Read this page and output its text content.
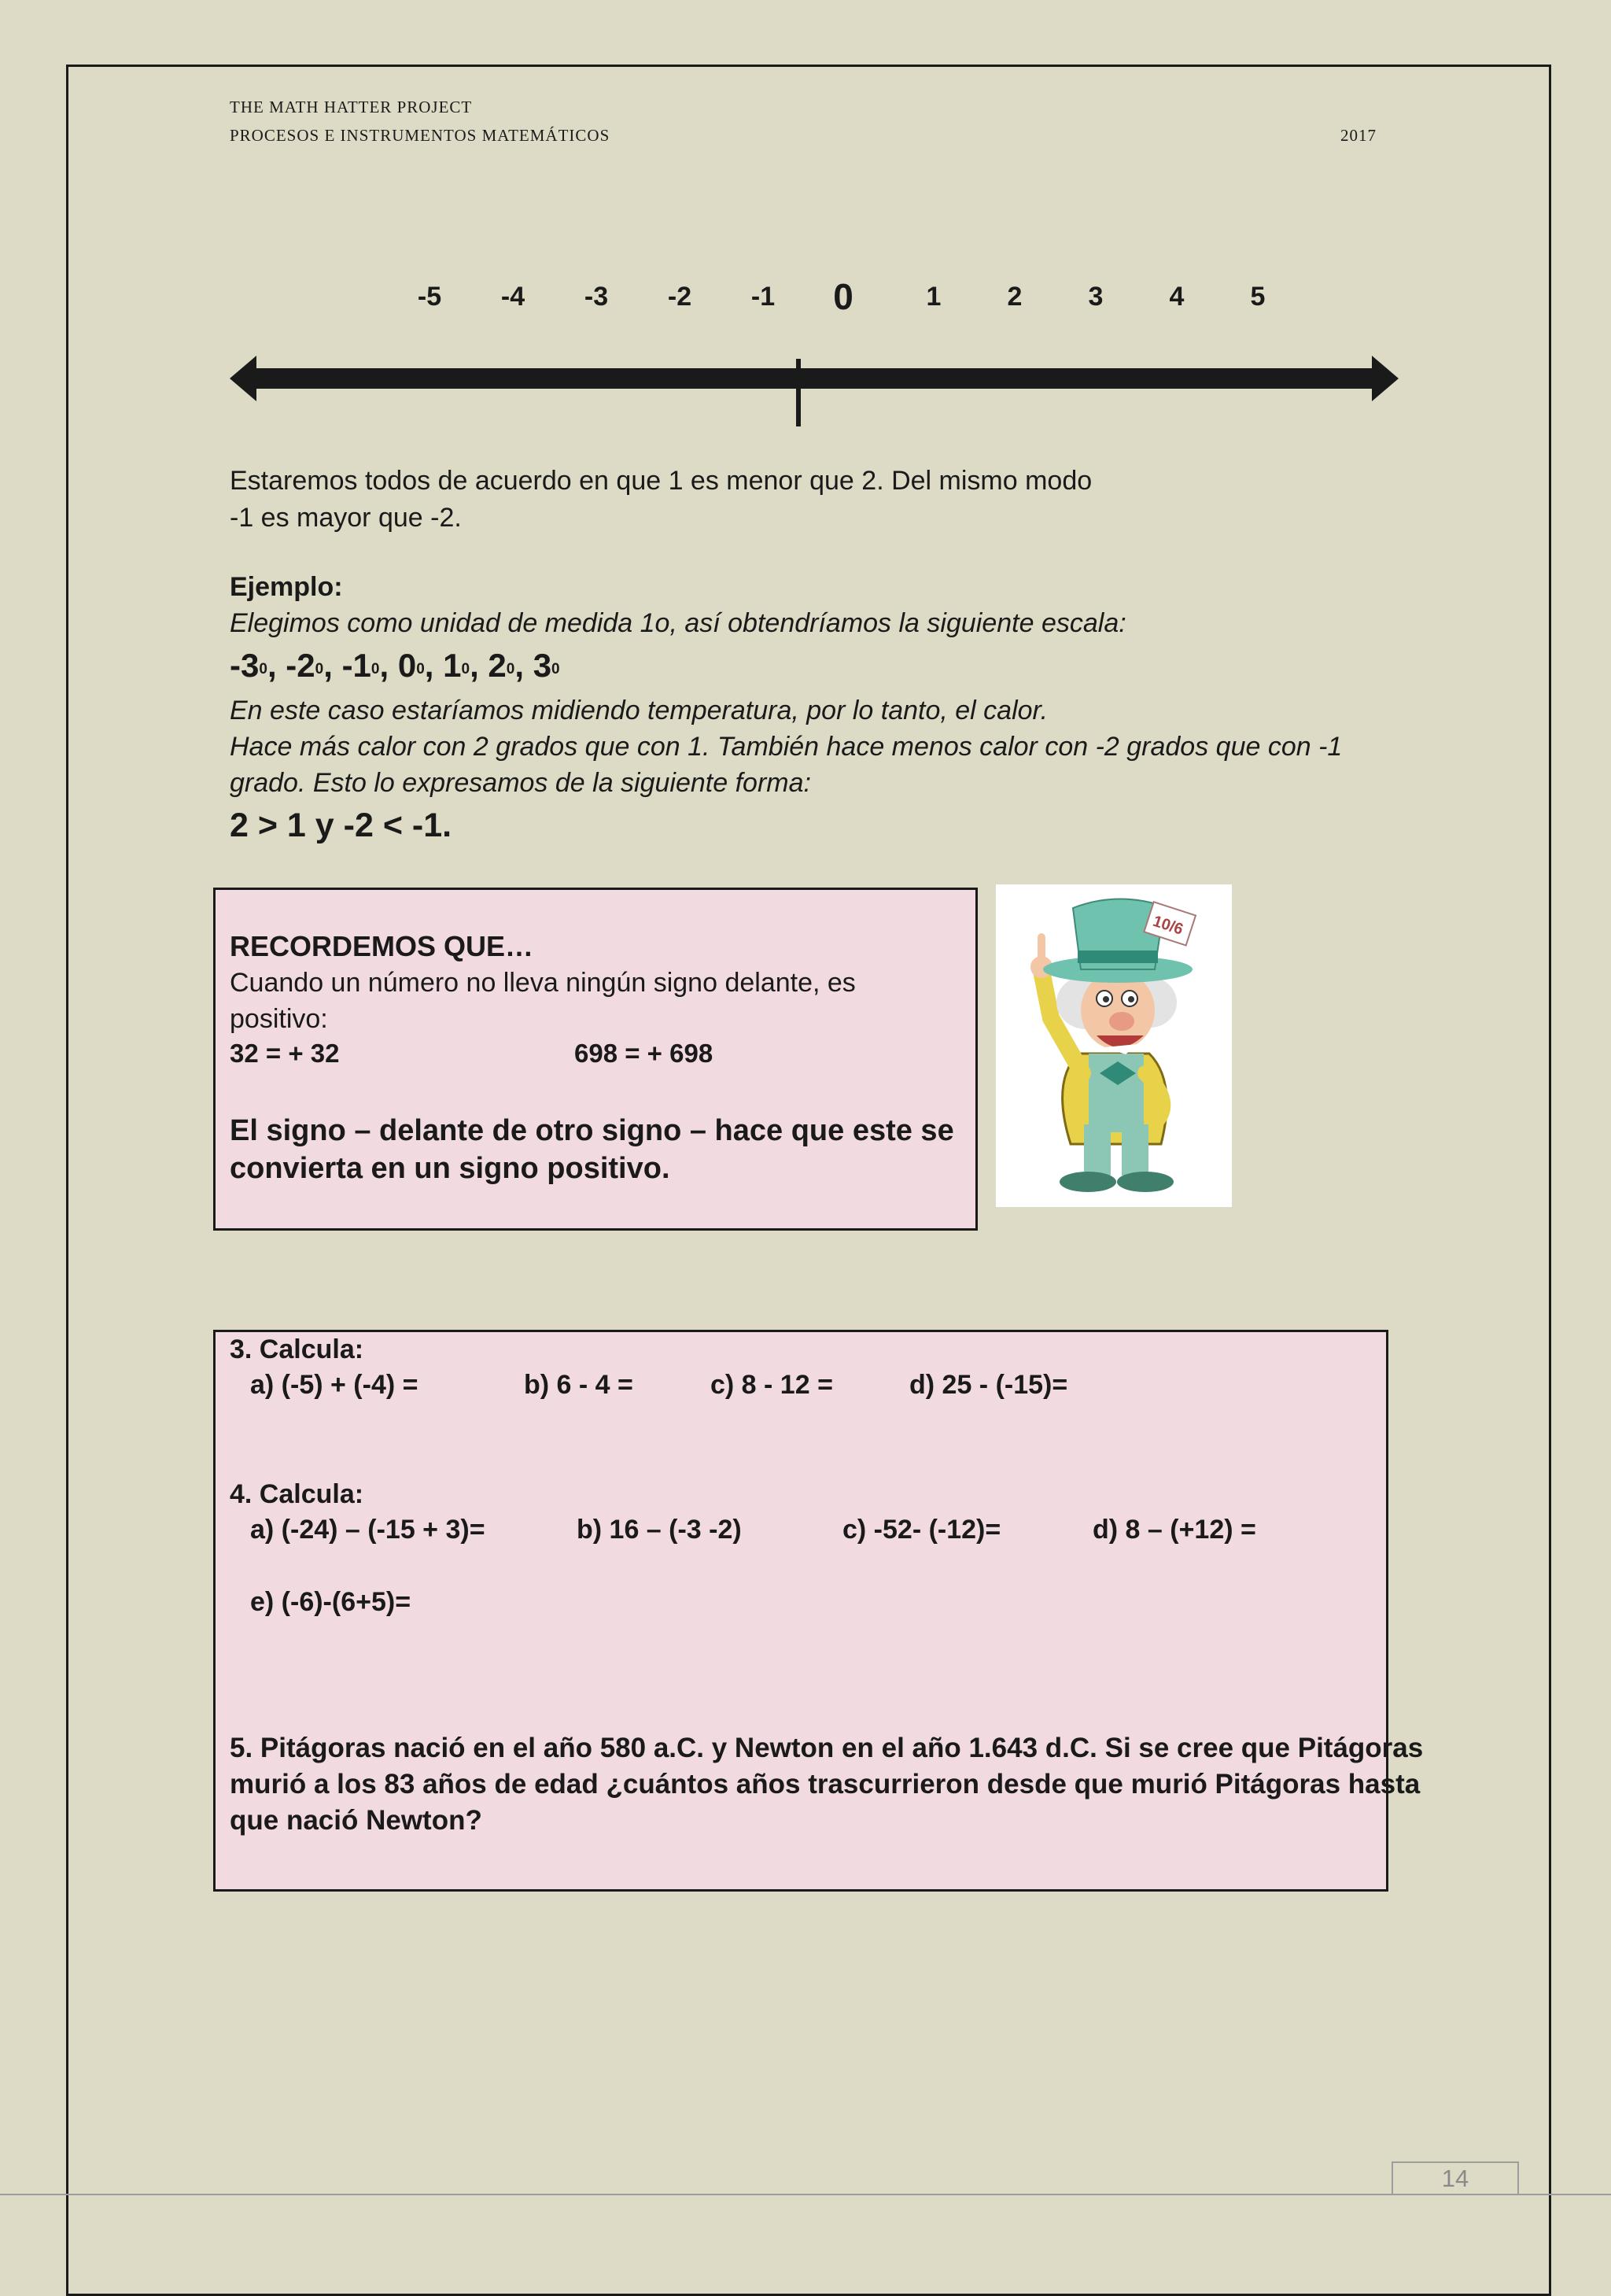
THE MATH HATTER PROJECT
PROCESOS E INSTRUMENTOS MATEMÁTICOS	2017
-5 -4 -3 -2 -1 0	1 2 3 4 5
Estaremos todos de acuerdo en que 1 es menor que 2. Del mismo modo
-1 es mayor que -2.
Ejemplo:
Elegimos como unidad de medida 1o, así obtendríamos la siguiente escala:
-30, -20, -10, 00, 10, 20, 30
En este caso estaríamos midiendo temperatura, por lo tanto, el calor.
Hace más calor con 2 grados que con 1. También hace menos calor con -2 grados que con -1
grado. Esto lo expresamos de la siguiente forma:
2 > 1 y -2 < -1.
RECORDEMOS QUE…
Cuando un número no lleva ningún signo delante, es
positivo:
32 = + 32	698 = + 698
El signo – delante de otro signo – hace que este se
convierta en un signo positivo.
10/6
3. Calcula:
a) (-5) + (-4) =	b) 6 - 4 =	c) 8 - 12 =	d) 25 - (-15)=
4. Calcula:
a) (-24) – (-15 + 3)=	b) 16 – (-3 -2)	c) -52- (-12)=	d) 8 – (+12) =
e) (-6)-(6+5)=
5. Pitágoras nació en el año 580 a.C. y Newton en el año 1.643 d.C. Si se cree que Pitágoras
murió a los 83 años de edad ¿cuántos años trascurrieron desde que murió Pitágoras hasta
que nació Newton?
14
